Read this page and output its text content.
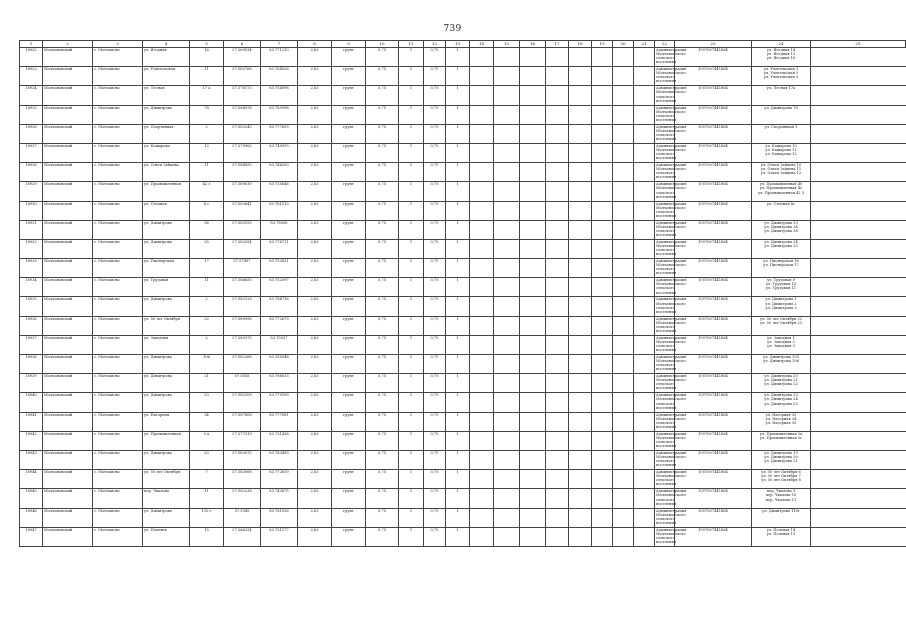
739
1	2	3	4	5	6	7	8	9	10	11	12	13	14	15	16	17	18	19	20	21	22	23	24	25
18922	Молчановский	с. Молчаново	ул. Ягодная	16	57.569534	83.771210	2,63	грунт	0,75	1	0,75	1									Администрация
Молчановского сельского
поселения	1057007441864	ул. Ягодная 14
ул. Ягодная 15
ул. Ягодная 16	

18923	Молчановский	с. Молчаново	ул. Учительская	11	57.583768	83.764926	2,63	грунт	0,75	1	0,75	1									Администрация
Молчановского сельского
поселения	1057007441864	ул. Учительская 1
ул. Учительская 2
ул. Учительская 3	

18924	Молчановский	с. Молчаново	ул. Лесная	17 а	57.576173	83.754998	2,63	грунт	0,75	1	0,75	1									Администрация
Молчановского сельского
поселения	1057007441864	ул. Лесная 17а	

18925	Молчановский	с. Молчаново	ул. Димитрова	78	57.584978	83.783998	2,63	грунт	0,75	1	0,75	1									Администрация
Молчановского сельского
поселения	1057007441864	ул. Димитрова 78	

18926	Молчановский	с. Молчаново	ул. Спортивная	2	57.583245	83.777655	2,63	грунт	0,75	1	0,75	1									Администрация
Молчановского сельского
поселения	1057007441864	ул. Спортивная 1	

18927	Молчановский	с. Молчаново	ул. Кашарова	12	57.579962	83.749355	2,63	грунт	0,75	1	0,75	1									Администрация
Молчановского сельского
поселения	1057007441864	ул. Кашарова 10
ул. Кашарова 11
ул. Кашарова 12	

18928	Молчановский	с. Молчаново	ул. Ольги Зайцева	11	57.584855	83.746200	2,63	грунт	0,75	1	0,75	1									Администрация
Молчановского сельского
поселения	1057007441864	ул. Ольги Зайцева 10
ул. Ольги Зайцева 11
ул. Ольги Зайцева 12	

18929	Молчановский	с. Молчаново	ул. Промышленная	42 з	57.569019	83.735646	2,63	грунт	0,75	1	0,75	1									Администрация
Молчановского сельского
поселения	1057007441864	ул. Промышленная 40
ул. Промышленная 42
ул. Промышленная 42 3	

18930	Молчановский	с. Молчаново	ул. Степная	8 с	57.583641	83.761513	2,63	грунт	0,75	1	0,75	1									Администрация
Молчановского сельского
поселения	1057007441864	ул. Степная 8с	

18931	Молчановский	с. Молчаново	ул. Димитрова	36	57.583193	83.78096	2,63	грунт	0,75	1	0,75	1									Администрация
Молчановского сельского
поселения	1057007441864	ул. Димитрова 33
ул. Димитрова 34
ул. Димитрова 36	

18932	Молчановский	с. Молчаново	ул. Димитрова	25	57.582054	83.778711	2,63	грунт	0,75	1	0,75	1									Администрация
Молчановского сельского
поселения	1057007441864	ул. Димитрова 24
ул. Димитрова 25	

18933	Молчановский	с. Молчаново	ул. Пионерская	17	57.57497	83.752821	2,63	грунт	0,75	1	0,75	1									Администрация
Молчановского сельского
поселения	1057007441864	ул. Пионерская 16
ул. Пионерская 17	

18934	Молчановский	с. Молчаново	ул. Трудовая	11	57.586655	83.752097	2,63	грунт	0,75	1	0,75	1									Администрация
Молчановского сельского
поселения	1057007441864	ул. Трудовая 9
ул. Трудовая 10
ул. Трудовая 11	

18935	Молчановский	с. Молчаново	ул. Димитрова	2	57.582129	83.784716	2,63	грунт	0,75	1	0,75	1									Администрация
Молчановского сельского
поселения	1057007441864	ул. Димитрова 1
ул. Димитрова 2
ул. Димитрова 3	

18936	Молчановский	с. Молчаново	ул. 50 лет Октября	22	57.580996	83.772679	2,63	грунт	0,75	1	0,75	1									Администрация
Молчановского сельского
поселения	1057007441864	ул. 50 лет Октября 22
ул. 50 лет Октября 23	

18937	Молчановский	с. Молчаново	ул. Заводная	2	57.580375	83.75537	2,63	грунт	0,75	1	0,75	1									Администрация
Молчановского сельского
поселения	1057007441864	ул. Заводная 1
ул. Заводная 2
ул. Заводная 3	

18938	Молчановский	с. Молчаново	ул. Димитрова	106	57.582266	83.150048	2,63	грунт	0,75	1	0,75	1									Администрация
Молчановского сельского
поселения	1057007441864	ул. Димитрова 105
ул. Димитрова 106	

18939	Молчановский	с. Молчаново	ул. Димитрова	21	57.5816	83.786033	2,63	грунт	0,75	1	0,75	1									Администрация
Молчановского сельского
поселения	1057007441864	ул. Димитрова 20
ул. Димитрова 21
ул. Димитрова 22	

18940	Молчановский	с. Молчаново	ул. Димитрова	23	57.582109	83.779399	2,63	грунт	0,75	1	0,75	1									Администрация
Молчановского сельского
поселения	1057007441864	ул. Димитрова 23
ул. Димитрова 24
ул. Димитрова 25	

18941	Молчановский	с. Молчаново	ул. Нагорная	34	57.587808	83.777081	2,63	грунт	0,75	1	0,75	1									Администрация
Молчановского сельского
поселения	1057007441864	ул. Нагорная 33
ул. Нагорная 34
ул. Нагорная 35	

18942	Молчановский	с. Молчаново	ул. Промышленная	2 а	57.577319	83.731438	2,63	грунт	0,75	1	0,75	1									Администрация
Молчановского сельского
поселения	1057007441864	ул. Промышленная 2а
ул. Промышленная 2г	

18943	Молчановский	с. Молчаново	ул. Димитрова	20	57.583075	83.783499	2,63	грунт	0,75	1	0,75	1									Администрация
Молчановского сельского
поселения	1057007441864	ул. Димитрова 19
ул. Димитрова 20
ул. Димитрова 21	

18944	Молчановский	с. Молчаново	ул. 50 лет Октября	7	57.583068	83.772619	2,63	грунт	0,75	1	0,75	1									Администрация
Молчановского сельского
поселения	1057007441864	ул. 50 лет Октября 6
ул. 50 лет Октября 7
ул. 50 лет Октября 8	

18945	Молчановский	с. Молчаново	пер. Чкалова	11	57.582238	83.742875	2,63	грунт	0,75	1	0,75	1									Администрация
Молчановского сельского
поселения	1057007441864	пер. Чкалова 9
пер. Чкалова 10
пер. Чкалова 11	

18946	Молчановский	с. Молчаново	ул. Димитрова	110 г	57.5945	83.781536	2,63	грунт	0,75	1	0,75	1									Администрация
Молчановского сельского
поселения	1057007441864	ул. Димитрова 110г	

18947	Молчановский	с. Молчаново	ул. Полевая	15	57.586254	83.751177	2,63	грунт	0,75	1	0,75	1									Администрация
Молчановского сельского
поселения	1057007441864	ул. Полевая 14
ул. Полевая 15	
